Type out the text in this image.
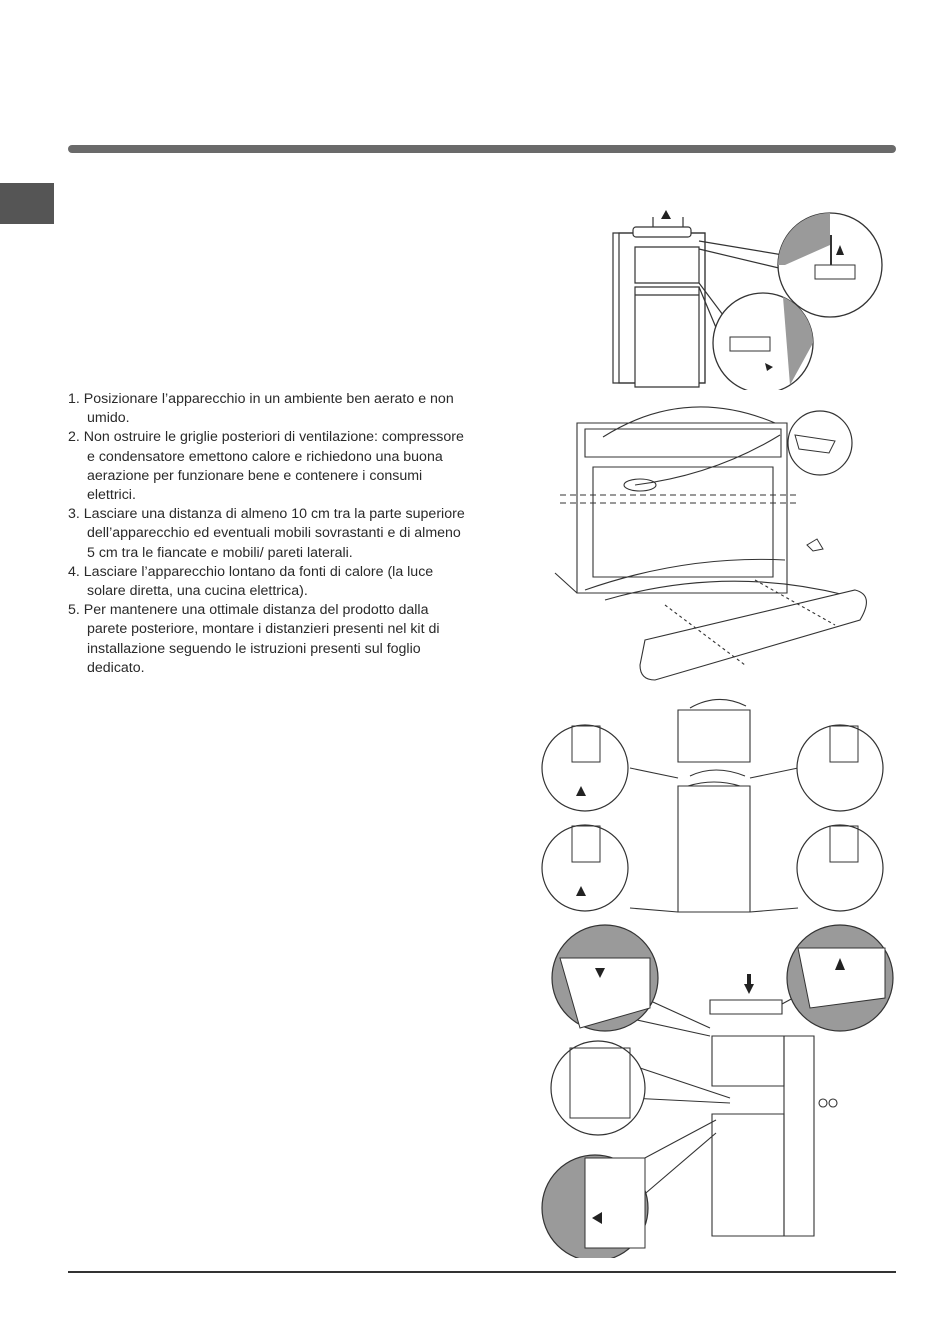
1. Posizionare l’apparecchio in un ambiente ben aerato e non umido.
2. Non ostruire le griglie posteriori di ventilazione: compressore e condensatore emettono calore e richiedono una buona aerazione per funzionare bene e contenere i consumi elettrici.
3. Lasciare una distanza di almeno 10 cm tra la parte superiore dell’apparecchio ed eventuali mobili sovrastanti e di almeno 5 cm tra le fiancate e mobili/ pareti laterali.
4. Lasciare l’apparecchio lontano da fonti di calore (la luce solare diretta, una cucina elettrica).
5. Per mantenere una ottimale distanza del prodotto dalla parete posteriore, montare i distanzieri presenti nel kit di installazione seguendo le istruzioni presenti sul foglio dedicato.
